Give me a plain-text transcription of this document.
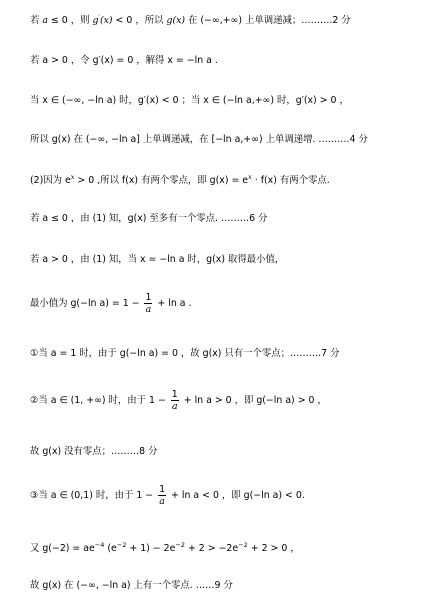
若 a ≤ 0 ，则 g′(x) < 0 ，所以 g(x) 在 (−∞,+∞) 上单调递减；……….2 分
若 a > 0 ，令 g′(x) = 0 ，解得 x = −ln a .
当 x ∈ (−∞, −ln a) 时，g′(x) < 0 ；当 x ∈ (−ln a,+∞) 时，g′(x) > 0 ，
所以 g(x) 在 (−∞, −ln a] 上单调递减，在 [−ln a,+∞) 上单调递增. ……….4 分
(2)因为 $e^x > 0$ ,所以 f(x) 有两个零点，即 $g(x) = e^x \cdot f(x)$ 有两个零点.
若 a ≤ 0 ，由 (1) 知，g(x) 至多有一个零点. ………6 分
若 a > 0 ，由 (1) 知，当 x = −ln a 时，g(x) 取得最小值，
最小值为 g(−ln $a) = 1 - \frac{1}{a} + \ln a$ .
①当 a = 1 时，由于 g(−ln a) = 0 ，故 g(x) 只有一个零点；……….7 分
②当 a ∈ (1, +∞) 时，由于 $1 - \frac{1}{a} + \ln a > 0$ ，即 g(−ln a) > 0 ，
故 g(x) 没有零点；………8 分
③当 a ∈ (0,1) 时，由于 $1 - \frac{1}{a} + \ln a < 0$ ，即 g(−ln a) < 0.
又 $g(-2) = ae^{-4}$ $(e^{-2} + 1) - 2e^{-2} + 2 > -2e^{-2} + 2 > 0$ ，
故 g(x) 在 (−∞, −ln a) 上有一个零点. ……9 分
